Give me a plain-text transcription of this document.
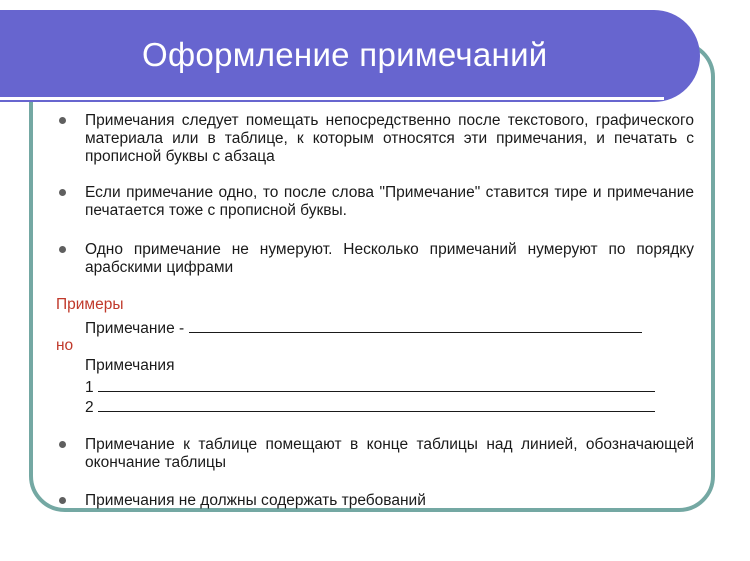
Оформление примечаний
Примечания следует помещать непосредственно после текстового, графического материала или в таблице, к которым относятся эти примечания, и печатать с прописной буквы с абзаца
Если примечание одно, то после слова "Примечание" ставится тире и примечание печатается тоже с прописной буквы.
Одно примечание не нумеруют. Несколько примечаний нумеруют по порядку арабскими цифрами
Примеры
Примечание -
но
Примечания
1
2
Примечание к таблице помещают в конце таблицы над линией, обозначающей окончание таблицы
Примечания не должны содержать требований
